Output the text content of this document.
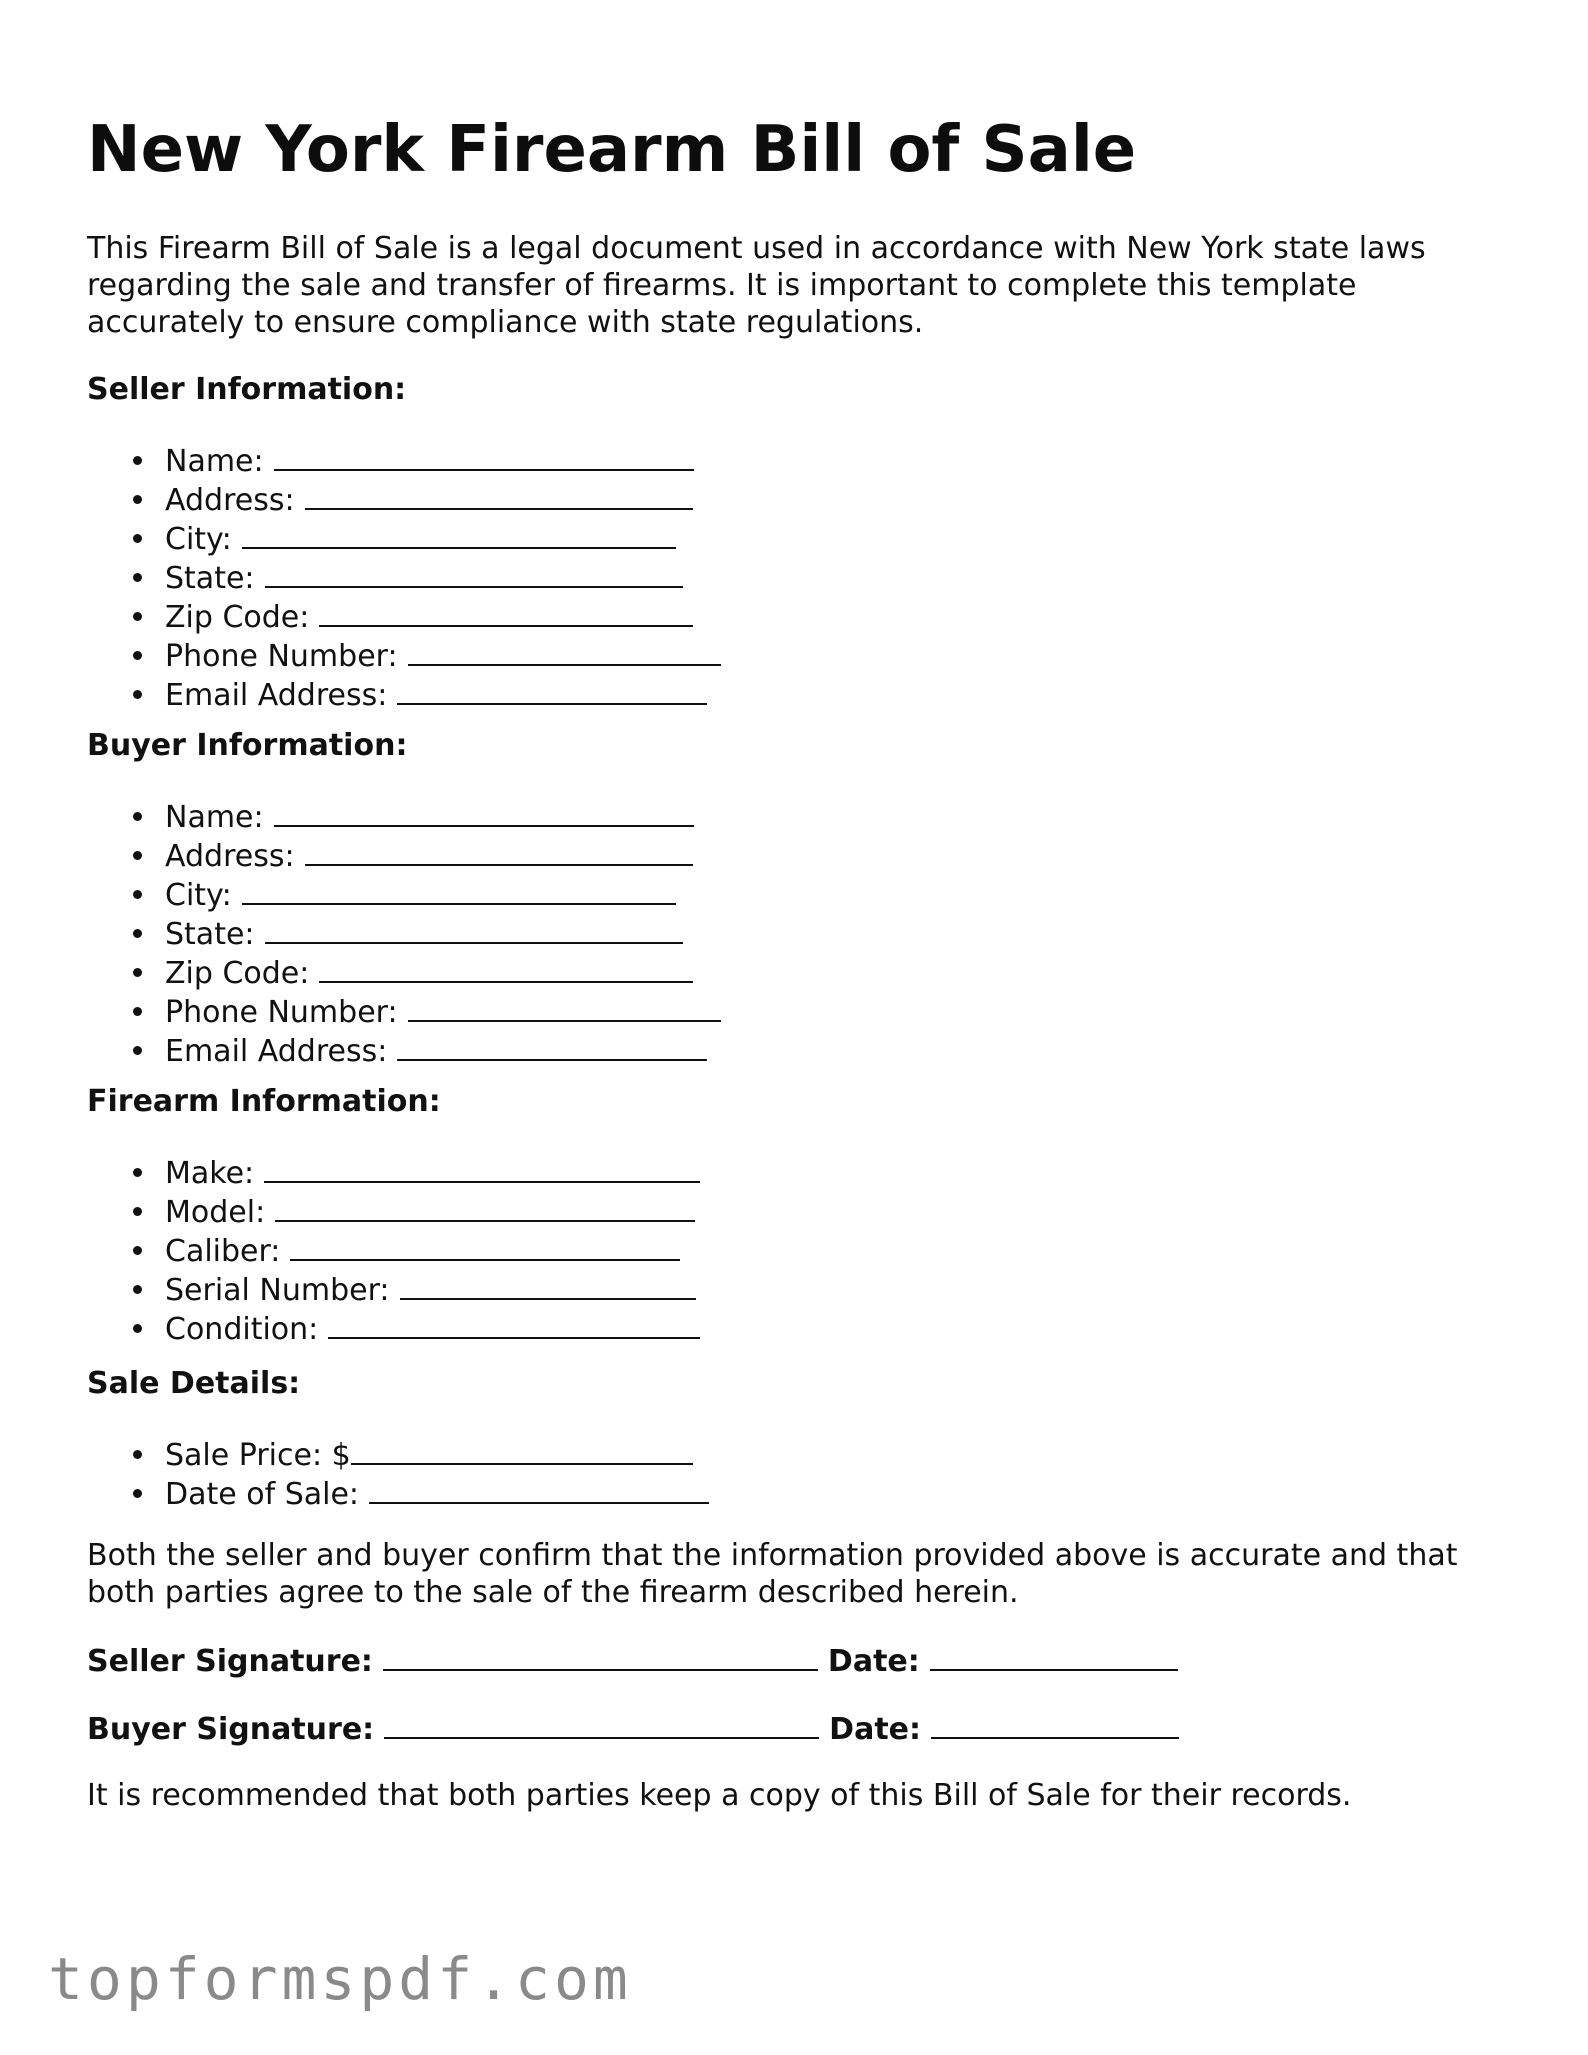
New York Firearm Bill of Sale

This Firearm Bill of Sale is a legal document used in accordance with New York state laws regarding the sale and transfer of firearms. It is important to complete this template accurately to ensure compliance with state regulations.

Seller Information:
Name:
Address:
City:
State:
Zip Code:
Phone Number:
Email Address:
Buyer Information:
Name:
Address:
City:
State:
Zip Code:
Phone Number:
Email Address:
Firearm Information:
Make:
Model:
Caliber:
Serial Number:
Condition:
Sale Details:
Sale Price: $
Date of Sale:

Both the seller and buyer confirm that the information provided above is accurate and that both parties agree to the sale of the firearm described herein.

Seller Signature:	Date:
Buyer Signature:	Date:

It is recommended that both parties keep a copy of this Bill of Sale for their records.

topformspdf.com
